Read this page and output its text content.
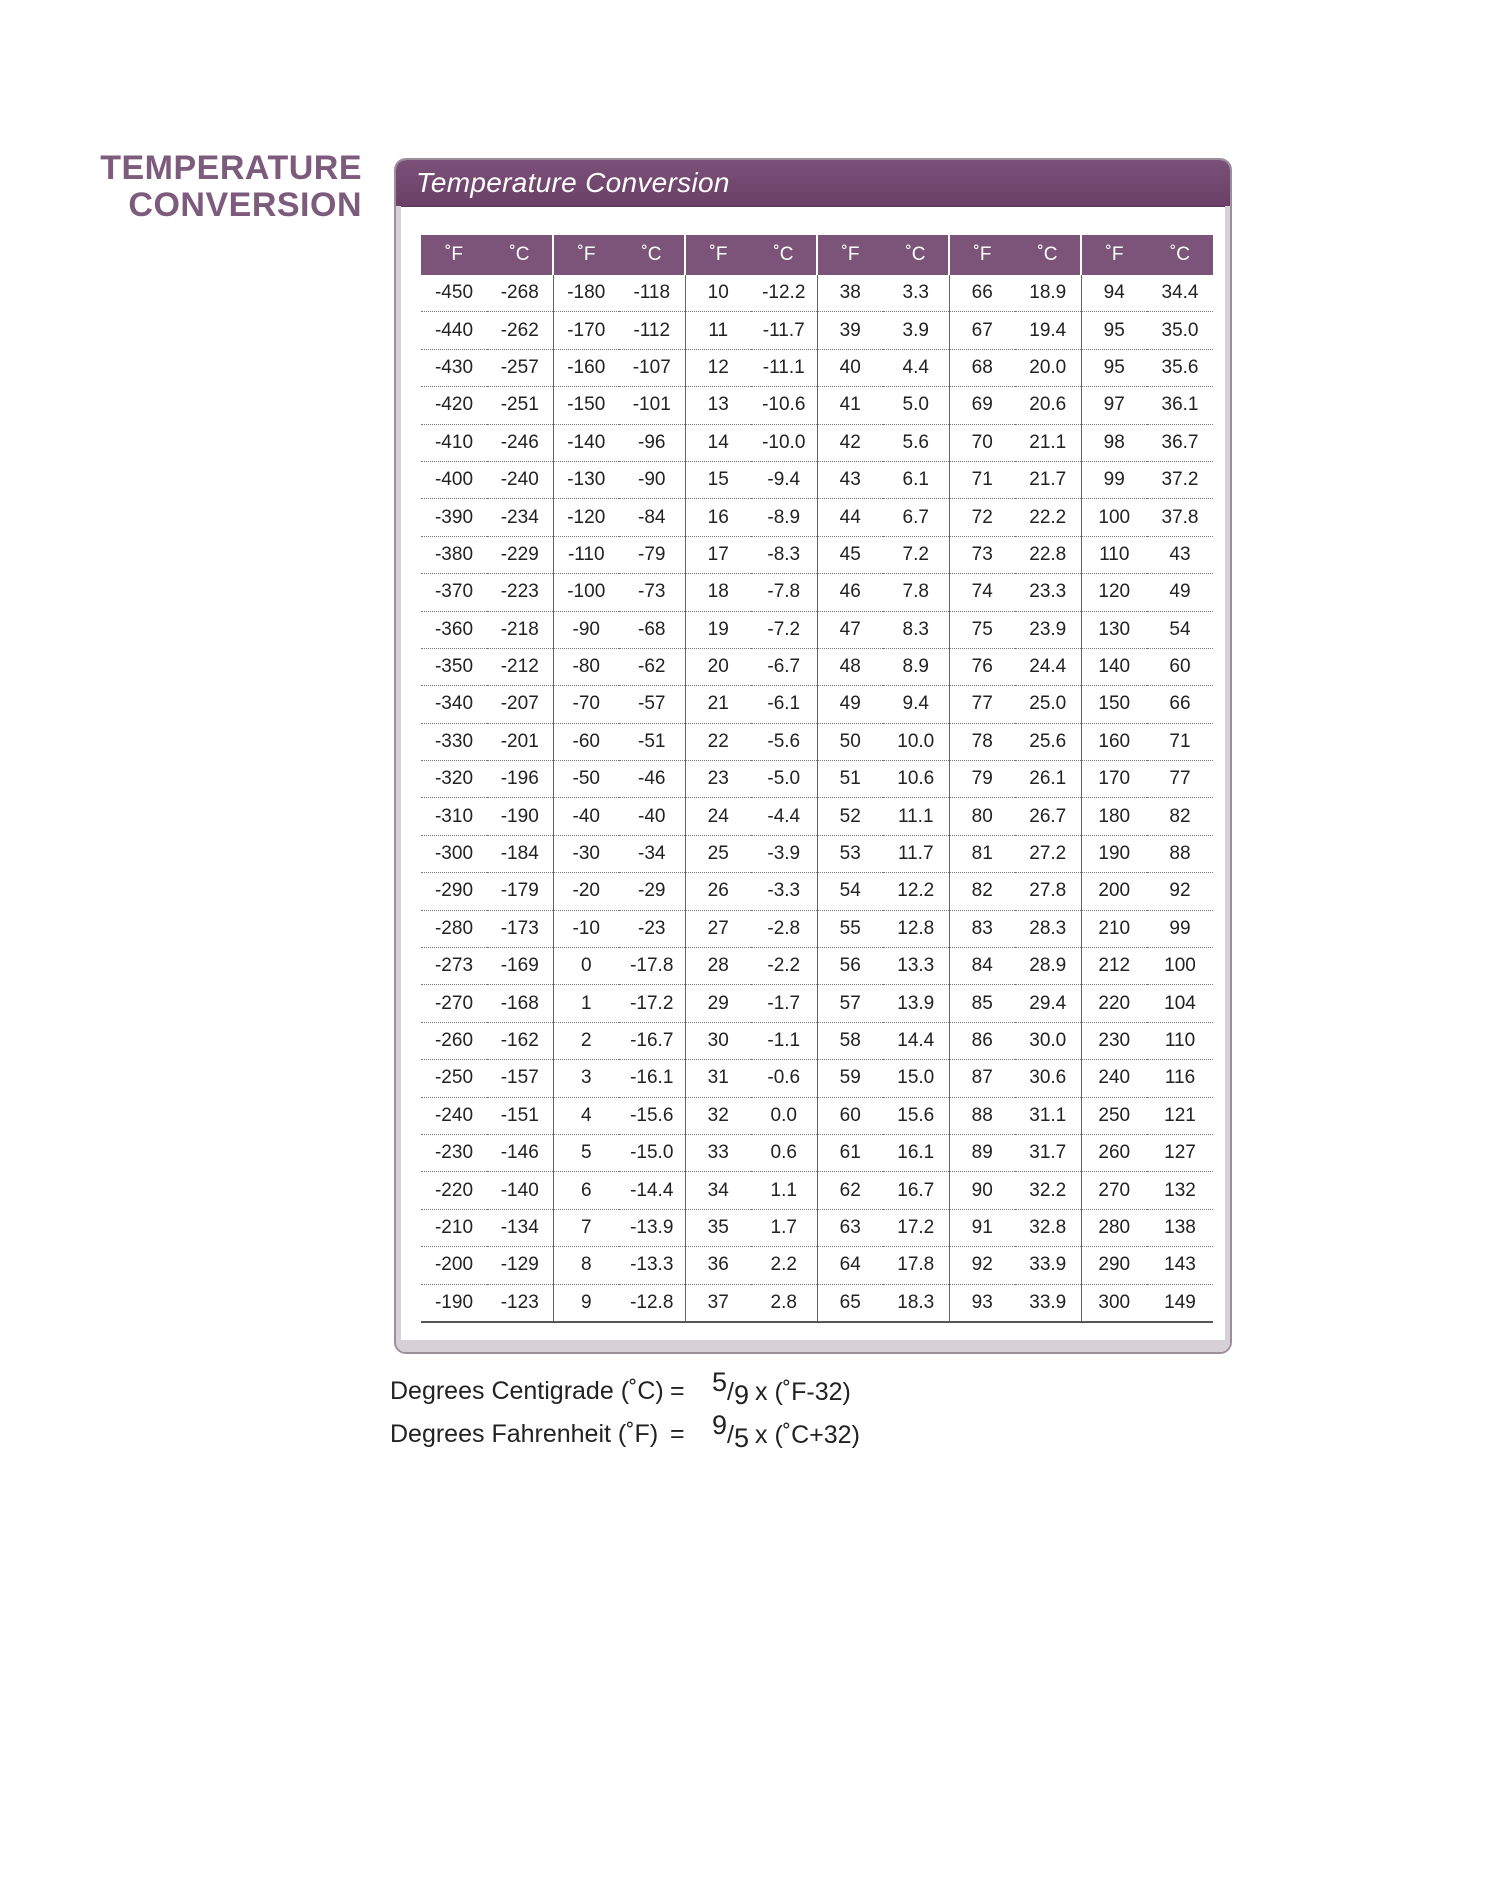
TEMPERATURE
CONVERSION
Temperature Conversion
˚F	˚C	˚F	˚C	˚F	˚C	˚F	˚C	˚F	˚C	˚F	˚C
-450	-268	-180	-118	10	-12.2	38	3.3	66	18.9	94	34.4
-440	-262	-170	-112	11	-11.7	39	3.9	67	19.4	95	35.0
-430	-257	-160	-107	12	-11.1	40	4.4	68	20.0	95	35.6
-420	-251	-150	-101	13	-10.6	41	5.0	69	20.6	97	36.1
-410	-246	-140	-96	14	-10.0	42	5.6	70	21.1	98	36.7
-400	-240	-130	-90	15	-9.4	43	6.1	71	21.7	99	37.2
-390	-234	-120	-84	16	-8.9	44	6.7	72	22.2	100	37.8
-380	-229	-110	-79	17	-8.3	45	7.2	73	22.8	110	43
-370	-223	-100	-73	18	-7.8	46	7.8	74	23.3	120	49
-360	-218	-90	-68	19	-7.2	47	8.3	75	23.9	130	54
-350	-212	-80	-62	20	-6.7	48	8.9	76	24.4	140	60
-340	-207	-70	-57	21	-6.1	49	9.4	77	25.0	150	66
-330	-201	-60	-51	22	-5.6	50	10.0	78	25.6	160	71
-320	-196	-50	-46	23	-5.0	51	10.6	79	26.1	170	77
-310	-190	-40	-40	24	-4.4	52	11.1	80	26.7	180	82
-300	-184	-30	-34	25	-3.9	53	11.7	81	27.2	190	88
-290	-179	-20	-29	26	-3.3	54	12.2	82	27.8	200	92
-280	-173	-10	-23	27	-2.8	55	12.8	83	28.3	210	99
-273	-169	0	-17.8	28	-2.2	56	13.3	84	28.9	212	100
-270	-168	1	-17.2	29	-1.7	57	13.9	85	29.4	220	104
-260	-162	2	-16.7	30	-1.1	58	14.4	86	30.0	230	110
-250	-157	3	-16.1	31	-0.6	59	15.0	87	30.6	240	116
-240	-151	4	-15.6	32	0.0	60	15.6	88	31.1	250	121
-230	-146	5	-15.0	33	0.6	61	16.1	89	31.7	260	127
-220	-140	6	-14.4	34	1.1	62	16.7	90	32.2	270	132
-210	-134	7	-13.9	35	1.7	63	17.2	91	32.8	280	138
-200	-129	8	-13.3	36	2.2	64	17.8	92	33.9	290	143
-190	-123	9	-12.8	37	2.8	65	18.3	93	33.9	300	149
Degrees Centigrade (˚C) =	5 / 9 x (˚F-32)
Degrees Fahrenheit (˚F) =	9 / 5 x (˚C+32)
